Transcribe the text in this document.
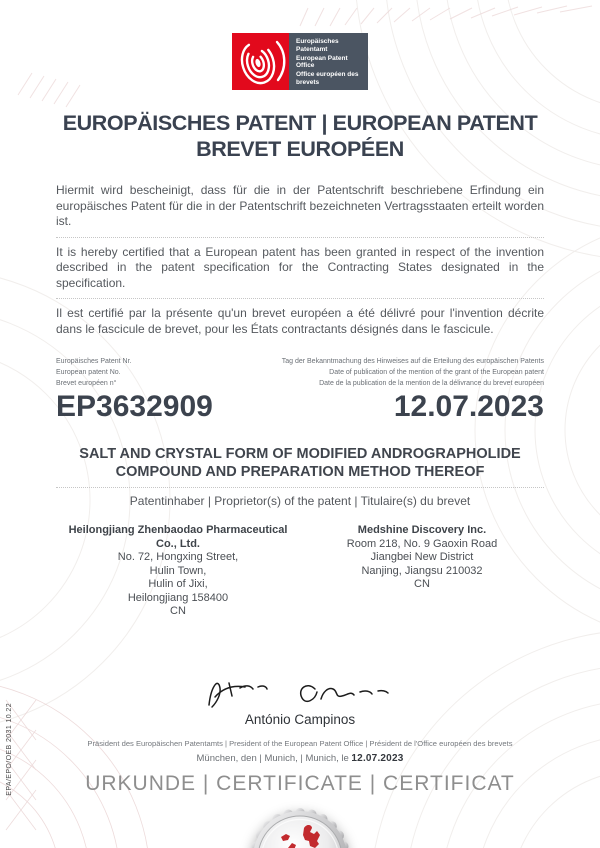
Europäisches Patentamt
European Patent Office
Office européen des brevets
EUROPÄISCHES PATENT | EUROPEAN PATENT
BREVET EUROPÉEN

Hiermit wird bescheinigt, dass für die in der Patentschrift beschriebene Erfindung ein europäisches Patent für die in der Patentschrift bezeichneten Vertragsstaaten erteilt worden ist.

It is hereby certified that a European patent has been granted in respect of the invention described in the patent specification for the Contracting States designated in the specification.

Il est certifié par la présente qu'un brevet européen a été délivré pour l'invention décrite dans le fascicule de brevet, pour les États contractants désignés dans le fascicule.

Europäisches Patent Nr.
European patent No.
Brevet européen n°
Tag der Bekanntmachung des Hinweises auf die Erteilung des europäischen Patents
Date of publication of the mention of the grant of the European patent
Date de la publication de la mention de la délivrance du brevet européen
EP3632909	12.07.2023
SALT AND CRYSTAL FORM OF MODIFIED ANDROGRAPHOLIDE
COMPOUND AND PREPARATION METHOD THEREOF
Patentinhaber | Proprietor(s) of the patent | Titulaire(s) du brevet
Heilongjiang Zhenbaodao Pharmaceutical Co., Ltd.
No. 72, Hongxing Street,
Hulin Town,
Hulin of Jixi,
Heilongjiang 158400
CN
Medshine Discovery Inc.
Room 218, No. 9 Gaoxin Road
Jiangbei New District
Nanjing, Jiangsu 210032
CN
António Campinos
Präsident des Europäischen Patentamts | President of the European Patent Office | Président de l'Office européen des brevets
München, den | Munich, | Munich, le 12.07.2023
URKUNDE | CERTIFICATE | CERTIFICAT
EPA/EPO/OEB 2031 10.22
